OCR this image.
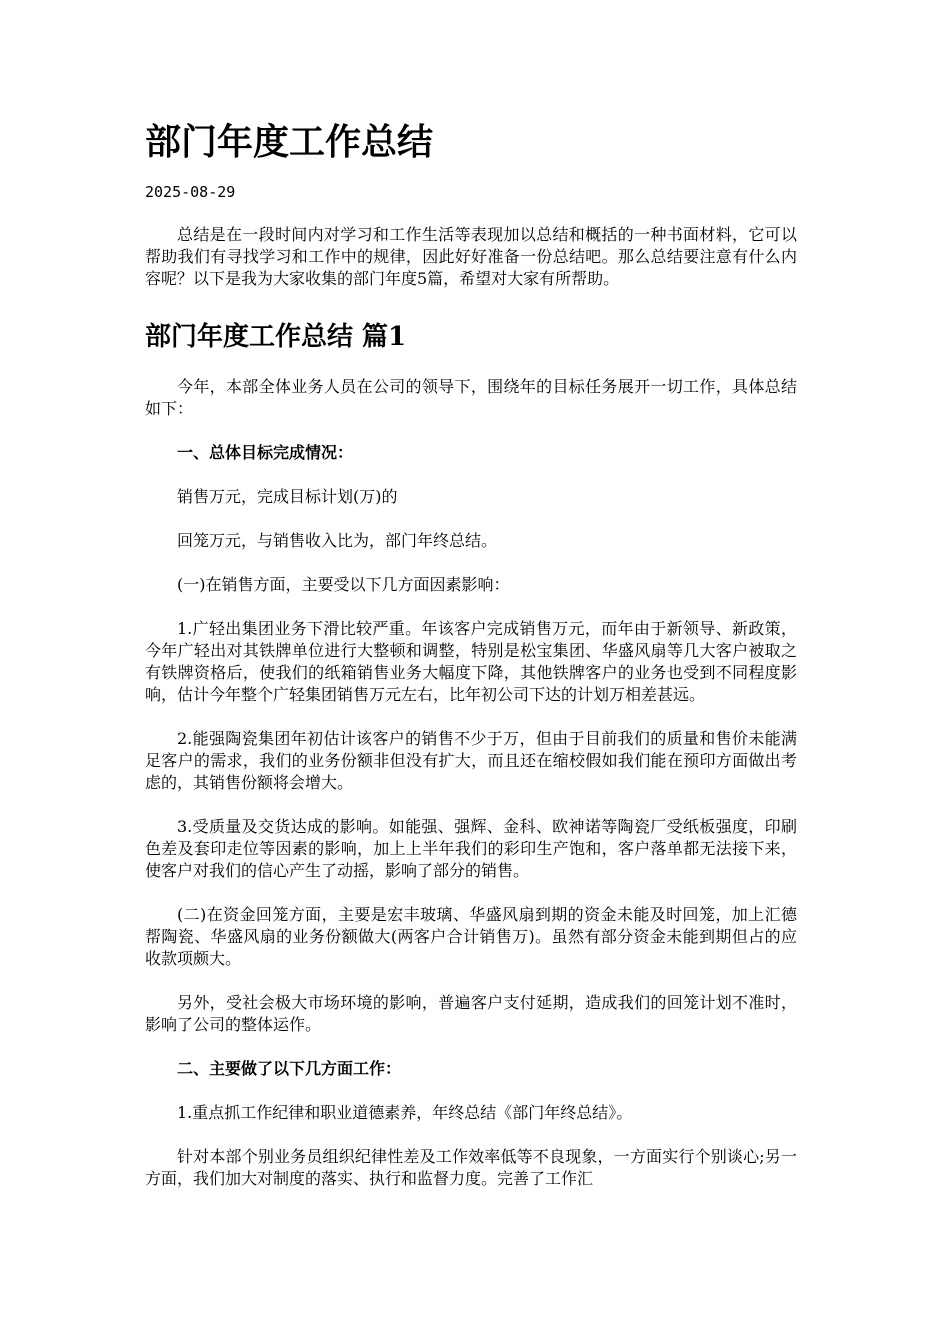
部门年度工作总结
2025-08-29

总结是在一段时间内对学习和工作生活等表现加以总结和概括的一种书面材料，它可以帮助我们有寻找学习和工作中的规律，因此好好准备一份总结吧。那么总结要注意有什么内容呢？以下是我为大家收集的部门年度5篇，希望对大家有所帮助。

部门年度工作总结 篇1

今年，本部全体业务人员在公司的领导下，围绕年的目标任务展开一切工作，具体总结如下：

一、总体目标完成情况：

销售万元，完成目标计划(万)的

回笼万元，与销售收入比为，部门年终总结。

(一)在销售方面，主要受以下几方面因素影响：

1.广轻出集团业务下滑比较严重。年该客户完成销售万元，而年由于新领导、新政策，今年广轻出对其铁牌单位进行大整顿和调整，特别是松宝集团、华盛风扇等几大客户被取之有铁牌资格后，使我们的纸箱销售业务大幅度下降，其他铁牌客户的业务也受到不同程度影响，估计今年整个广轻集团销售万元左右，比年初公司下达的计划万相差甚远。

2.能强陶瓷集团年初估计该客户的销售不少于万，但由于目前我们的质量和售价未能满足客户的需求，我们的业务份额非但没有扩大，而且还在缩校假如我们能在预印方面做出考虑的，其销售份额将会增大。

3.受质量及交货达成的影响。如能强、强辉、金科、欧神诺等陶瓷厂受纸板强度，印刷色差及套印走位等因素的影响，加上上半年我们的彩印生产饱和，客户落单都无法接下来，使客户对我们的信心产生了动摇，影响了部分的销售。

(二)在资金回笼方面，主要是宏丰玻璃、华盛风扇到期的资金未能及时回笼，加上汇德帮陶瓷、华盛风扇的业务份额做大(两客户合计销售万)。虽然有部分资金未能到期但占的应收款项颇大。

另外，受社会极大市场环境的影响，普遍客户支付延期，造成我们的回笼计划不准时，影响了公司的整体运作。

二、主要做了以下几方面工作：

1.重点抓工作纪律和职业道德素养，年终总结《部门年终总结》。

针对本部个别业务员组织纪律性差及工作效率低等不良现象，一方面实行个别谈心;另一方面，我们加大对制度的落实、执行和监督力度。完善了工作汇
